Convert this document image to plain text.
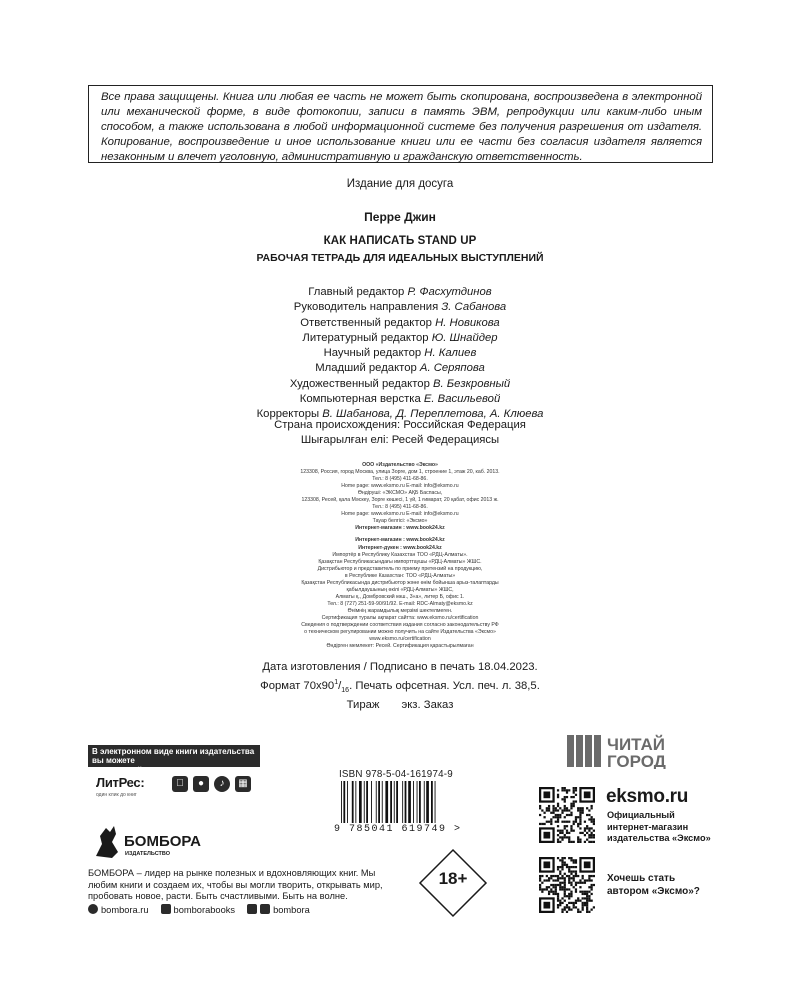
Все права защищены. Книга или любая ее часть не может быть скопирована, воспроизведена в электронной или механической форме, в виде фотокопии, записи в память ЭВМ, репродукции или каким-либо иным способом, а также использована в любой информационной системе без получения разрешения от издателя. Копирование, воспроизведение и иное использование книги или ее части без согласия издателя является незаконным и влечет уголовную, административную и гражданскую ответственность.
Издание для досуга
Перре Джин
КАК НАПИСАТЬ STAND UP
РАБОЧАЯ ТЕТРАДЬ ДЛЯ ИДЕАЛЬНЫХ ВЫСТУПЛЕНИЙ
Главный редактор Р. Фасхутдинов
Руководитель направления З. Сабанова
Ответственный редактор Н. Новикова
Литературный редактор Ю. Шнайдер
Научный редактор Н. Калиев
Младший редактор А. Серяпова
Художественный редактор В. Безкровный
Компьютерная верстка Е. Васильевой
Корректоры В. Шабанова, Д. Переплетова, А. Клюева
Страна происхождения: Российская Федерация
Шығарылған елі: Ресей Федерациясы
ООО «Издательство «Эксмо»
123308, Россия, город Москва, улица Зорге, дом 1, строение 1, этаж 20, каб. 2013.
Тел.: 8 (495) 411-68-86.
Home page: www.eksmo.ru E-mail: info@eksmo.ru
Өндіруші: «ЭКСМО» АҚБ Баспасы,
123308, Ресей, қала Мәскеу, Зорге көшесі, 1 үй, 1 ғимарат, 20 қабат, офис 2013 ж.
Тел.: 8 (495) 411-68-86.
Home page: www.eksmo.ru E-mail: info@eksmo.ru
Тауар белгісі: «Эксмо»
Интернет-магазин : www.book24.kz
Интернет-магазин : www.book24.kz
Интернет-дүкен : www.book24.kz
Импортёр в Республику Казахстан ТОО «РДЦ-Алматы».
Қазақстан Республикасындағы импорттаушы «РДЦ-Алматы» ЖШС.
Дистрибьютор и представитель по приему претензий на продукцию,
в Республике Казахстан: ТОО «РДЦ-Алматы»
Қазақстан Республикасында дистрибьютор және өнім бойынша арыз-талаптарды
қабылдаушының өкілі «РДЦ-Алматы» ЖШС,
Алматы қ., Домбровский көш., 3«а», литер Б, офис 1.
Тел.: 8 (727) 251-59-90/91/92. E-mail: RDC-Almaty@eksmo.kz
Өнімнің жарамдылық мерзімі шектелмеген.
Сертификация туралы ақпарат сайтта: www.eksmo.ru/certification
Сведения о подтверждении соответствия издания согласно законодательству РФ
о техническом регулировании можно получить на сайте Издательства «Эксмо»
www.eksmo.ru/certification
Өндірген мемлекет: Ресей. Сертификация қарастырылмаған
Дата изготовления / Подписано в печать 18.04.2023.
Формат $70x90^1/_{16}$. Печать офсетная. Усл. печ. л. 38,5.
Тираж экз. Заказ
В электронном виде книги издательства вы можете
купить на www.litres.ru
ЛитРес:
один клик до книг
●	♪	▦
БОМБОРА
ИЗДАТЕЛЬСТВО
БОМБОРА – лидер на рынке полезных и вдохновляющих книг. Мы любим книги и создаем их, чтобы вы могли творить, открывать мир, пробовать новое, расти. Быть счастливыми. Быть на волне.
bombora.ru	bomborabooks	bombora
ISBN 978-5-04-161974-9
9 785041 619749 >
18+
ЧИТАЙ
ГОРОД
eksmo.ru
Официальный
интернет-магазин
издательства «Эксмо»
Хочешь стать
автором «Эксмо»?
